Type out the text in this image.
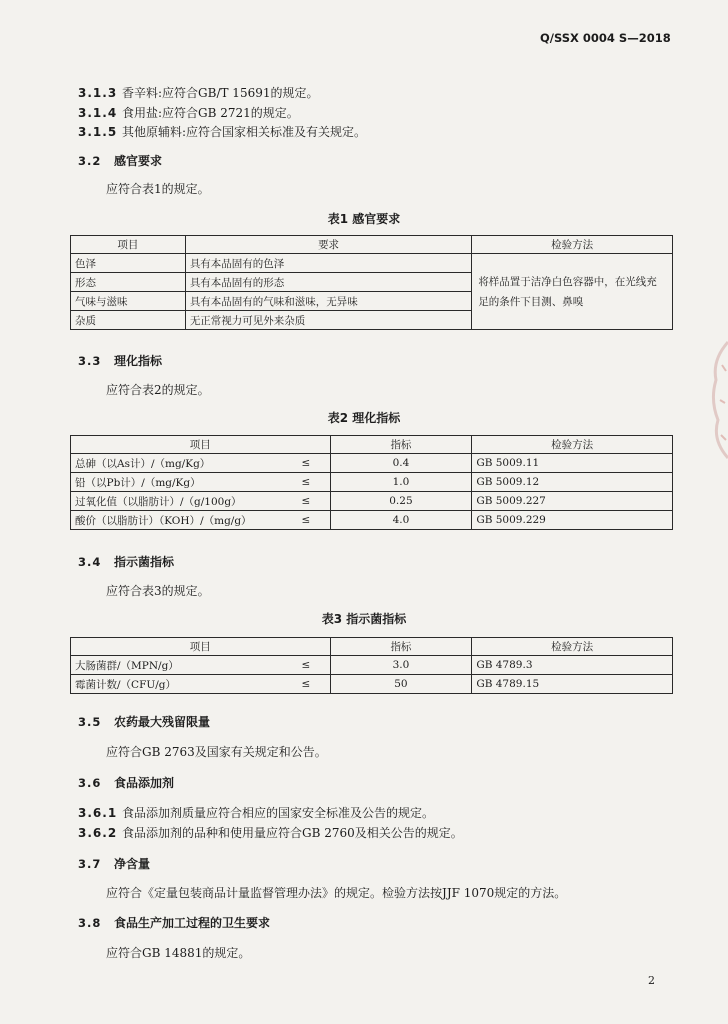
Q/SSX 0004 S—2018
3.1.3 香辛料:应符合GB/T 15691的规定。
3.1.4 食用盐:应符合GB 2721的规定。
3.1.5 其他原辅料:应符合国家相关标准及有关规定。
3.2 感官要求
应符合表1的规定。
表1 感官要求
项目	要求	检验方法
色泽	具有本品固有的色泽	将样品置于洁净白色容器中，在光线充足的条件下目测、鼻嗅
形态	具有本品固有的形态	
气味与滋味	具有本品固有的气味和滋味，无异味	
杂质	无正常视力可见外来杂质	
3.3 理化指标
应符合表2的规定。
表2 理化指标
项目		指标	检验方法
总砷（以As计）/（mg/Kg）	≤	0.4	GB 5009.11
铅（以Pb计）/（mg/Kg）	≤	1.0	GB 5009.12
过氧化值（以脂肪计）/（g/100g）	≤	0.25	GB 5009.227
酸价（以脂肪计）（KOH）/（mg/g）	≤	4.0	GB 5009.229
3.4 指示菌指标
应符合表3的规定。
表3 指示菌指标
项目		指标	检验方法
大肠菌群/（MPN/g）	≤	3.0	GB 4789.3
霉菌计数/（CFU/g）	≤	50	GB 4789.15
3.5 农药最大残留限量
应符合GB 2763及国家有关规定和公告。
3.6 食品添加剂
3.6.1 食品添加剂质量应符合相应的国家安全标准及公告的规定。
3.6.2 食品添加剂的品种和使用量应符合GB 2760及相关公告的规定。
3.7 净含量
应符合《定量包装商品计量监督管理办法》的规定。检验方法按JJF 1070规定的方法。
3.8 食品生产加工过程的卫生要求
应符合GB 14881的规定。
2
